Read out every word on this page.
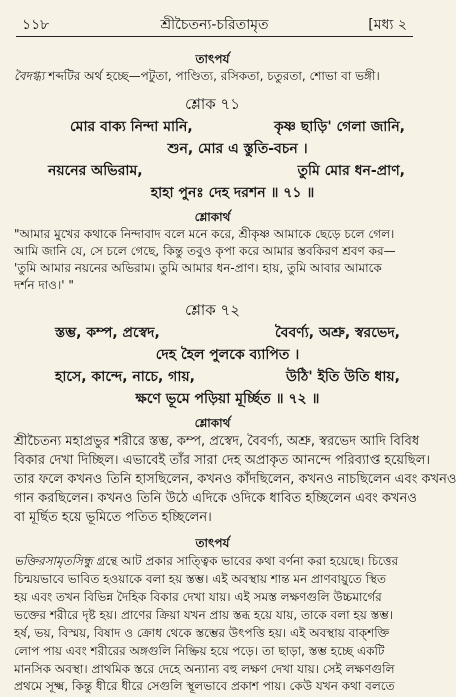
১১৮	শ্রীচৈতন্য-চরিতামৃত	[মধ্য ২
তাৎপর্য
বৈদগ্ধ্য শব্দটির অর্থ হচ্ছে—পটুতা, পাণ্ডিত্য, রসিকতা, চতুরতা, শোভা বা ভঙ্গী।
শ্লোক ৭১
মোর বাক্য নিন্দা মানি,	কৃষ্ণ ছাড়ি' গেলা জানি,
শুন, মোর এ স্তুতি-বচন ।
নয়নের অভিরাম,	তুমি মোর ধন-প্রাণ,
হাহা পুনঃ দেহ দরশন ॥ ৭১ ॥
শ্লোকার্থ
"আমার মুখের কথাকে নিন্দাবাদ বলে মনে করে, শ্রীকৃষ্ণ আমাকে ছেড়ে চলে গেল।
আমি জানি যে, সে চলে গেছে, কিন্তু তবুও কৃপা করে আমার স্তবকিরণ শ্রবণ কর—
'তুমি আমার নয়নের অভিরাম। তুমি আমার ধন-প্রাণ। হায়, তুমি আবার আমাকে
দর্শন দাও।' "
শ্লোক ৭২
স্তম্ভ, কম্প, প্রস্বেদ,	বৈবর্ণ্য, অশ্রু, স্বরভেদ,
দেহ হৈল পুলকে ব্যাপিত ।
হাসে, কান্দে, নাচে, গায়,	উঠি' ইতি উতি ধায়,
ক্ষণে ভূমে পড়িয়া মূর্চ্ছিত ॥ ৭২ ॥
শ্লোকার্থ
শ্রীচৈতন্য মহাপ্রভুর শরীরে স্তম্ভ, কম্প, প্রস্বেদ, বৈবর্ণ্য, অশ্রু, স্বরভেদ আদি বিবিধ
বিকার দেখা দিচ্ছিল। এভাবেই তাঁর সারা দেহ অপ্রাকৃত আনন্দে পরিব্যাপ্ত হয়েছিল।
তার ফলে কখনও তিনি হাসছিলেন, কখনও কাঁদছিলেন, কখনও নাচছিলেন এবং কখনও
গান করছিলেন। কখনও তিনি উঠে এদিকে ওদিকে ধাবিত হচ্ছিলেন এবং কখনও
বা মূর্ছিত হয়ে ভূমিতে পতিত হচ্ছিলেন।
তাৎপর্য
ভক্তিরসামৃতসিন্ধু গ্রন্থে আট প্রকার সাত্ত্বিক ভাবের কথা বর্ণনা করা হয়েছে। চিত্তের
চিন্ময়ভাবে ভাবিত হওয়াকে বলা হয় স্তম্ভ। এই অবস্থায় শান্ত মন প্রাণবায়ুতে স্থিত
হয় এবং তখন বিভিন্ন দৈহিক বিকার দেখা যায়। এই সমস্ত লক্ষণগুলি উচ্চমার্গের
ভক্তের শরীরে দৃষ্ট হয়। প্রাণের ক্রিয়া যখন প্রায় স্তব্ধ হয়ে যায়, তাকে বলা হয় স্তম্ভ।
হর্ষ, ভয়, বিস্ময়, বিষাদ ও ক্রোধ থেকে স্তম্ভের উৎপত্তি হয়। এই অবস্থায় বাক্শক্তি
লোপ পায় এবং শরীরের অঙ্গগুলি নিষ্ক্রিয় হয়ে পড়ে। তা ছাড়া, স্তম্ভ হচ্ছে একটি
মানসিক অবস্থা। প্রাথমিক স্তরে দেহে অন্যান্য বহু লক্ষণ দেখা যায়। সেই লক্ষণগুলি
প্রথমে সূক্ষ্ম, কিন্তু ধীরে ধীরে সেগুলি স্থূলভাবে প্রকাশ পায়। কেউ যখন কথা বলতে
